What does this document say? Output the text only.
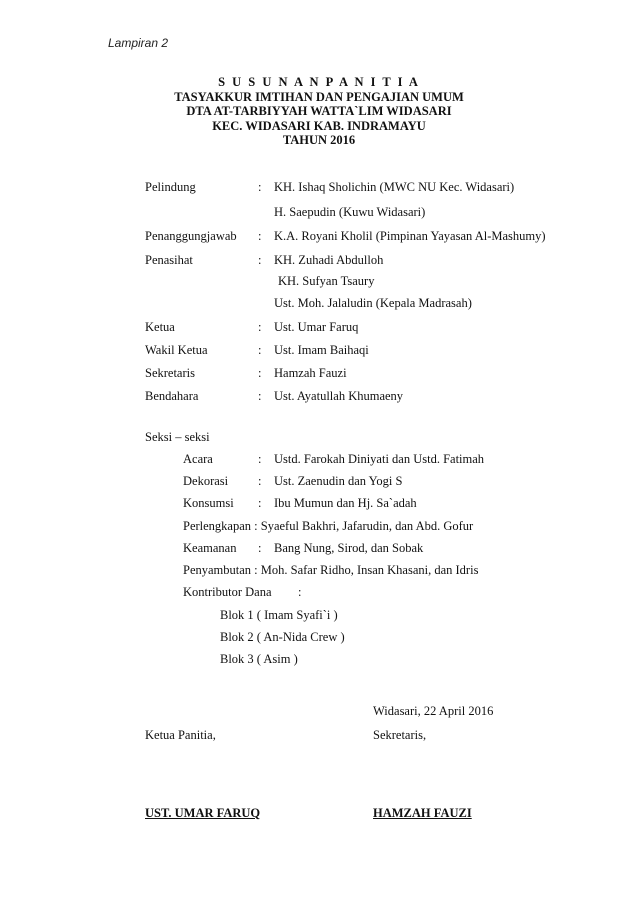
Lampiran 2
S U S U N A N P A N I T I A
TASYAKKUR IMTIHAN DAN PENGAJIAN UMUM
DTA AT-TARBIYYAH WATTA`LIM WIDASARI
KEC. WIDASARI KAB. INDRAMAYU
TAHUN 2016
Pelindung	: KH. Ishaq Sholichin (MWC NU Kec. Widasari)
H. Saepudin (Kuwu Widasari)
Penanggungjawab : K.A. Royani Kholil (Pimpinan Yayasan Al-Mashumy)
Penasihat	: KH. Zuhadi Abdulloh
KH. Sufyan Tsaury
Ust. Moh. Jalaludin (Kepala Madrasah)
Ketua	: Ust. Umar Faruq
Wakil Ketua	: Ust. Imam Baihaqi
Sekretaris	: Hamzah Fauzi
Bendahara	: Ust. Ayatullah Khumaeny
Seksi – seksi
Acara	: Ustd. Farokah Diniyati dan Ustd. Fatimah
Dekorasi : Ust. Zaenudin dan Yogi S
Konsumsi : Ibu Mumun dan Hj. Sa`adah
Perlengkapan : Syaeful Bakhri, Jafarudin, dan Abd. Gofur
Keamanan : Bang Nung, Sirod, dan Sobak
Penyambutan : Moh. Safar Ridho, Insan Khasani, dan Idris
Kontributor Dana :
Blok 1 ( Imam Syafi`i )
Blok 2 ( An-Nida Crew )
Blok 3 ( Asim )
Widasari, 22 April 2016
Ketua Panitia,	Sekretaris,
UST. UMAR FARUQ	HAMZAH FAUZI
